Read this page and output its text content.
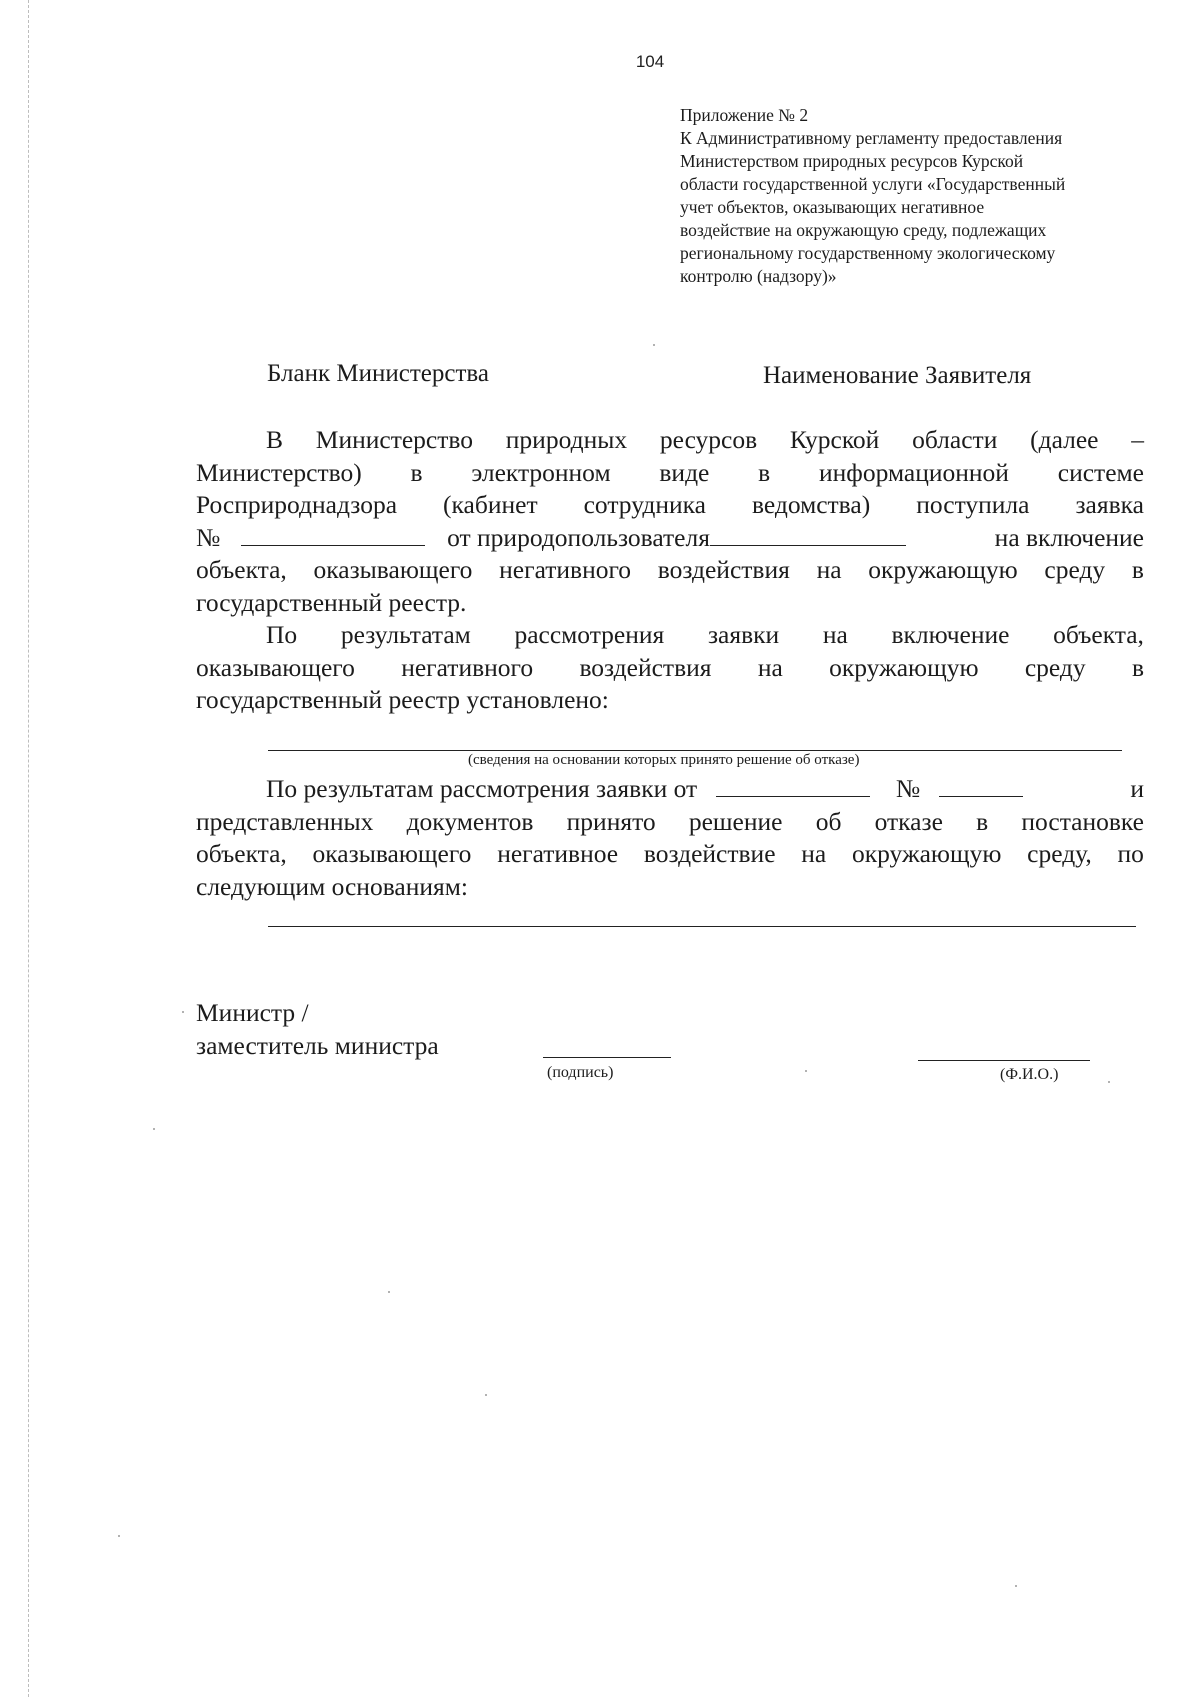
104
Приложение № 2
К Административному регламенту предоставления
Министерством природных ресурсов Курской
области государственной услуги «Государственный
учет объектов, оказывающих негативное
воздействие на окружающую среду, подлежащих
региональному государственному экологическому
контролю (надзору)»
Бланк Министерства	Наименование Заявителя
В Министерство природных ресурсов Курской области (далее –
Министерство) в электронном виде в информационной системе
Росприроднадзора (кабинет сотрудника ведомства) поступила заявка
№	от природопользователя	на включение
объекта, оказывающего негативного воздействия на окружающую среду в
государственный реестр.
По результатам рассмотрения заявки на включение объекта,
оказывающего негативного воздействия на окружающую среду в
государственный реестр установлено:
(сведения на основании которых принято решение об отказе)
По результатам рассмотрения заявки от	№	и
представленных документов принято решение об отказе в постановке
объекта, оказывающего негативное воздействие на окружающую среду, по
следующим основаниям:
Министр /
заместитель министра
(подпись)	(Ф.И.О.)
